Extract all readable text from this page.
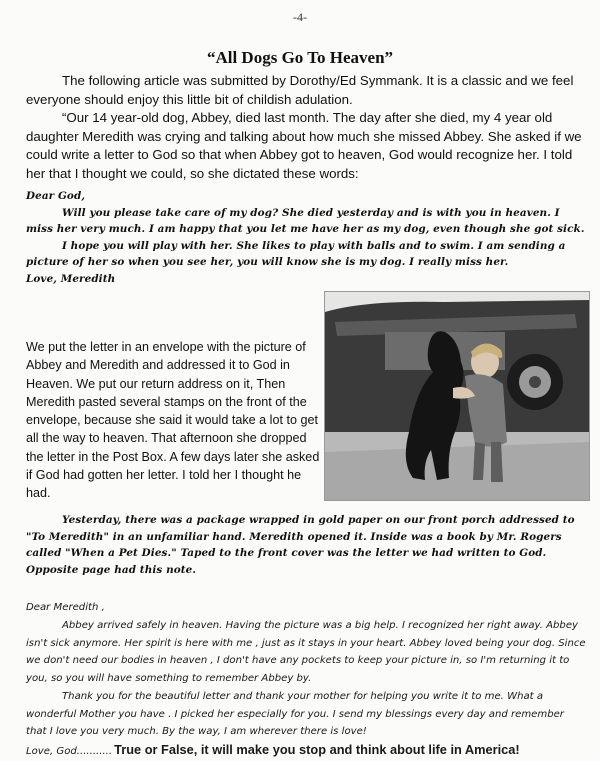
-4-
“All Dogs Go To Heaven”

The following article was submitted by Dorothy/Ed Symmank. It is a classic and we feel everyone should enjoy this little bit of childish adulation.

“Our 14 year-old dog, Abbey, died last month. The day after she died, my 4 year old daughter Meredith was crying and talking about how much she missed Abbey. She asked if we could write a letter to God so that when Abbey got to heaven, God would recognize her. I told her that I thought we could, so she dictated these words:

Dear God,

Will you please take care of my dog? She died yesterday and is with you in heaven. I miss her very much. I am happy that you let me have her as my dog, even though she got sick.

I hope you will play with her. She likes to play with balls and to swim. I am sending a picture of her so when you see her, you will know she is my dog. I really miss her.

Love, Meredith

We put the letter in an envelope with the picture of Abbey and Meredith and addressed it to God in Heaven. We put our return address on it, Then Meredith pasted several stamps on the front of the envelope, because she said it would take a lot to get all the way to heaven. That afternoon she dropped the letter in the Post Box. A few days later she asked if God had gotten her letter. I told her I thought he had.

Yesterday, there was a package wrapped in gold paper on our front porch addressed to "To Meredith" in an unfamiliar hand. Meredith opened it. Inside was a book by Mr. Rogers called "When a Pet Dies." Taped to the front cover was the letter we had written to God. Opposite page had this note.

Dear Meredith ,

Abbey arrived safely in heaven. Having the picture was a big help. I recognized her right away. Abbey isn't sick anymore. Her spirit is here with me , just as it stays in your heart. Abbey loved being your dog. Since we don't need our bodies in heaven , I don't have any pockets to keep your picture in, so I'm returning it to you, so you will have something to remember Abbey by.

Thank you for the beautiful letter and thank your mother for helping you write it to me. What a wonderful Mother you have . I picked her especially for you. I send my blessings every day and remember that I love you very much. By the way, I am wherever there is love!

Love, God........... True or False, it will make you stop and think about life in America!
